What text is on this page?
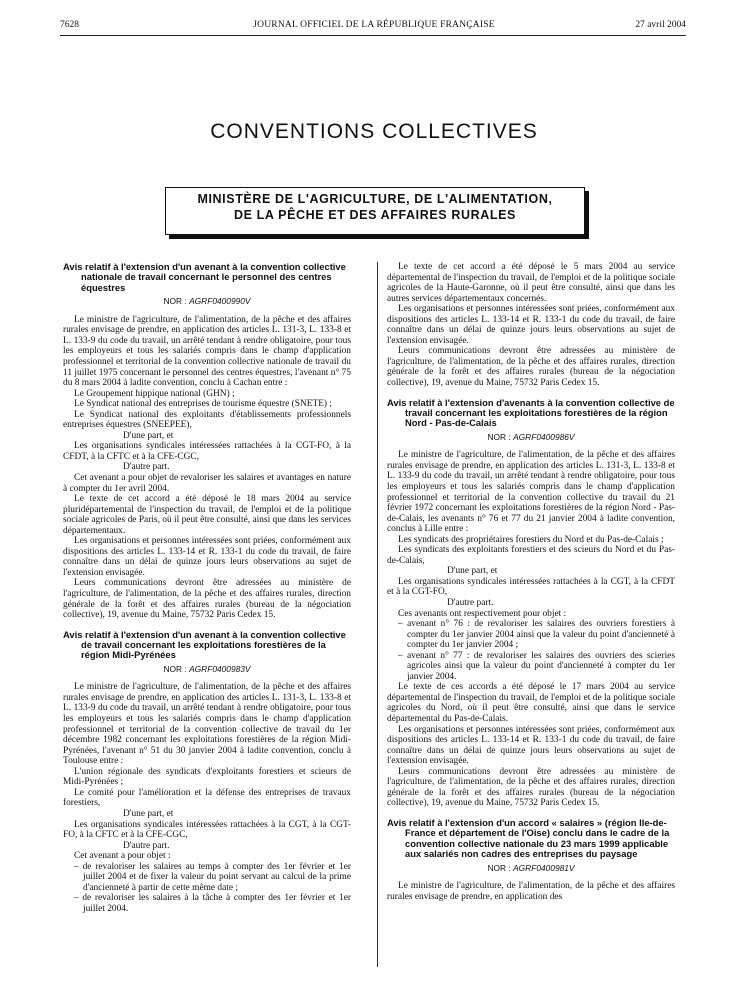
JOURNAL OFFICIEL DE LA RÉPUBLIQUE FRANÇAISE
7628	27 avril 2004
CONVENTIONS COLLECTIVES
MINISTÈRE DE L'AGRICULTURE, DE L'ALIMENTATION,
DE LA PÊCHE ET DES AFFAIRES RURALES
Avis relatif à l'extension d'un avenant à la convention collective nationale de travail concernant le personnel des centres équestres
NOR : AGRF0400990V

Le ministre de l'agriculture, de l'alimentation, de la pêche et des affaires rurales envisage de prendre, en application des articles L. 131-3, L. 133-8 et L. 133-9 du code du travail, un arrêté tendant à rendre obligatoire, pour tous les employeurs et tous les salariés compris dans le champ d'application professionnel et territorial de la convention collective nationale de travail du 11 juillet 1975 concernant le personnel des centres équestres, l'avenant n° 75 du 8 mars 2004 à ladite convention, conclu à Cachan entre :

Le Groupement hippique national (GHN) ;

Le Syndicat national des entreprises de tourisme équestre (SNETE) ;

Le Syndicat national des exploitants d'établissements professionnels entreprises équestres (SNEEPEE),

D'une part, et

Les organisations syndicales intéressées rattachées à la CGT-FO, à la CFDT, à la CFTC et à la CFE-CGC,

D'autre part.

Cet avenant a pour objet de revaloriser les salaires et avantages en nature à compter du 1er avril 2004.

Le texte de cet accord a été déposé le 18 mars 2004 au service pluridépartemental de l'inspection du travail, de l'emploi et de la politique sociale agricoles de Paris, où il peut être consulté, ainsi que dans les services départementaux.

Les organisations et personnes intéressées sont priées, conformément aux dispositions des articles L. 133-14 et R. 133-1 du code du travail, de faire connaître dans un délai de quinze jours leurs observations au sujet de l'extension envisagée.

Leurs communications devront être adressées au ministère de l'agriculture, de l'alimentation, de la pêche et des affaires rurales, direction générale de la forêt et des affaires rurales (bureau de la négociation collective), 19, avenue du Maine, 75732 Paris Cedex 15.

Avis relatif à l'extension d'un avenant à la convention collective de travail concernant les exploitations forestières de la région Midi-Pyrénées
NOR : AGRF0400983V

Le ministre de l'agriculture, de l'alimentation, de la pêche et des affaires rurales envisage de prendre, en application des articles L. 131-3, L. 133-8 et L. 133-9 du code du travail, un arrêté tendant à rendre obligatoire, pour tous les employeurs et tous les salariés compris dans le champ d'application professionnel et territorial de la convention collective de travail du 1er décembre 1982 concernant les exploitations forestières de la région Midi-Pyrénées, l'avenant n° 51 du 30 janvier 2004 à ladite convention, conclu à Toulouse entre :

L'union régionale des syndicats d'exploitants forestiers et scieurs de Midi-Pyrénées ;

Le comité pour l'amélioration et la défense des entreprises de travaux forestiers,

D'une part, et

Les organisations syndicales intéressées rattachées à la CGT, à la CGT-FO, à la CFTC et à la CFE-CGC,

D'autre part.

Cet avenant a pour objet :

– de revaloriser les salaires au temps à compter des 1er février et 1er juillet 2004 et de fixer la valeur du point servant au calcul de la prime d'ancienneté à partir de cette même date ;

– de revaloriser les salaires à la tâche à compter des 1er février et 1er juillet 2004.

Le texte de cet accord a été déposé le 5 mars 2004 au service départemental de l'inspection du travail, de l'emploi et de la politique sociale agricoles de la Haute-Garonne, où il peut être consulté, ainsi que dans les autres services départementaux concernés.

Les organisations et personnes intéressées sont priées, conformément aux dispositions des articles L. 133-14 et R. 133-1 du code du travail, de faire connaître dans un délai de quinze jours leurs observations au sujet de l'extension envisagée.

Leurs communications devront être adressées au ministère de l'agriculture, de l'alimentation, de la pêche et des affaires rurales, direction générale de la forêt et des affaires rurales (bureau de la négociation collective), 19, avenue du Maine, 75732 Paris Cedex 15.

Avis relatif à l'extension d'avenants à la convention collective de travail concernant les exploitations forestières de la région Nord - Pas-de-Calais
NOR : AGRF0400986V

Le ministre de l'agriculture, de l'alimentation, de la pêche et des affaires rurales envisage de prendre, en application des articles L. 131-3, L. 133-8 et L. 133-9 du code du travail, un arrêté tendant à rendre obligatoire, pour tous les employeurs et tous les salariés compris dans le champ d'application professionnel et territorial de la convention collective du travail du 21 février 1972 concernant les exploitations forestières de la région Nord - Pas-de-Calais, les avenants n° 76 et 77 du 21 janvier 2004 à ladite convention, conclus à Lille entre :

Les syndicats des propriétaires forestiers du Nord et du Pas-de-Calais ;

Les syndicats des exploitants forestiers et des scieurs du Nord et du Pas-de-Calais,

D'une part, et

Les organisations syndicales intéressées rattachées à la CGT, à la CFDT et à la CGT-FO,

D'autre part.

Ces avenants ont respectivement pour objet :

– avenant n° 76 : de revaloriser les salaires des ouvriers forestiers à compter du 1er janvier 2004 ainsi que la valeur du point d'ancienneté à compter du 1er janvier 2004 ;

– avenant n° 77 : de revaloriser les salaires des ouvriers des scieries agricoles ainsi que la valeur du point d'ancienneté à compter du 1er janvier 2004.

Le texte de ces accords a été déposé le 17 mars 2004 au service départemental de l'inspection du travail, de l'emploi et de la politique sociale agricoles du Nord, où il peut être consulté, ainsi que dans le service départemental du Pas-de-Calais.

Les organisations et personnes intéressées sont priées, conformément aux dispositions des articles L. 133-14 et R. 133-1 du code du travail, de faire connaître dans un délai de quinze jours leurs observations au sujet de l'extension envisagée.

Leurs communications devront être adressées au ministère de l'agriculture, de l'alimentation, de la pêche et des affaires rurales, direction générale de la forêt et des affaires rurales (bureau de la négociation collective), 19, avenue du Maine, 75732 Paris Cedex 15.

Avis relatif à l'extension d'un accord « salaires » (région Ile-de-France et département de l'Oise) conclu dans le cadre de la convention collective nationale du 23 mars 1999 applicable aux salariés non cadres des entreprises du paysage
NOR : AGRF0400981V

Le ministre de l'agriculture, de l'alimentation, de la pêche et des affaires rurales envisage de prendre, en application des
